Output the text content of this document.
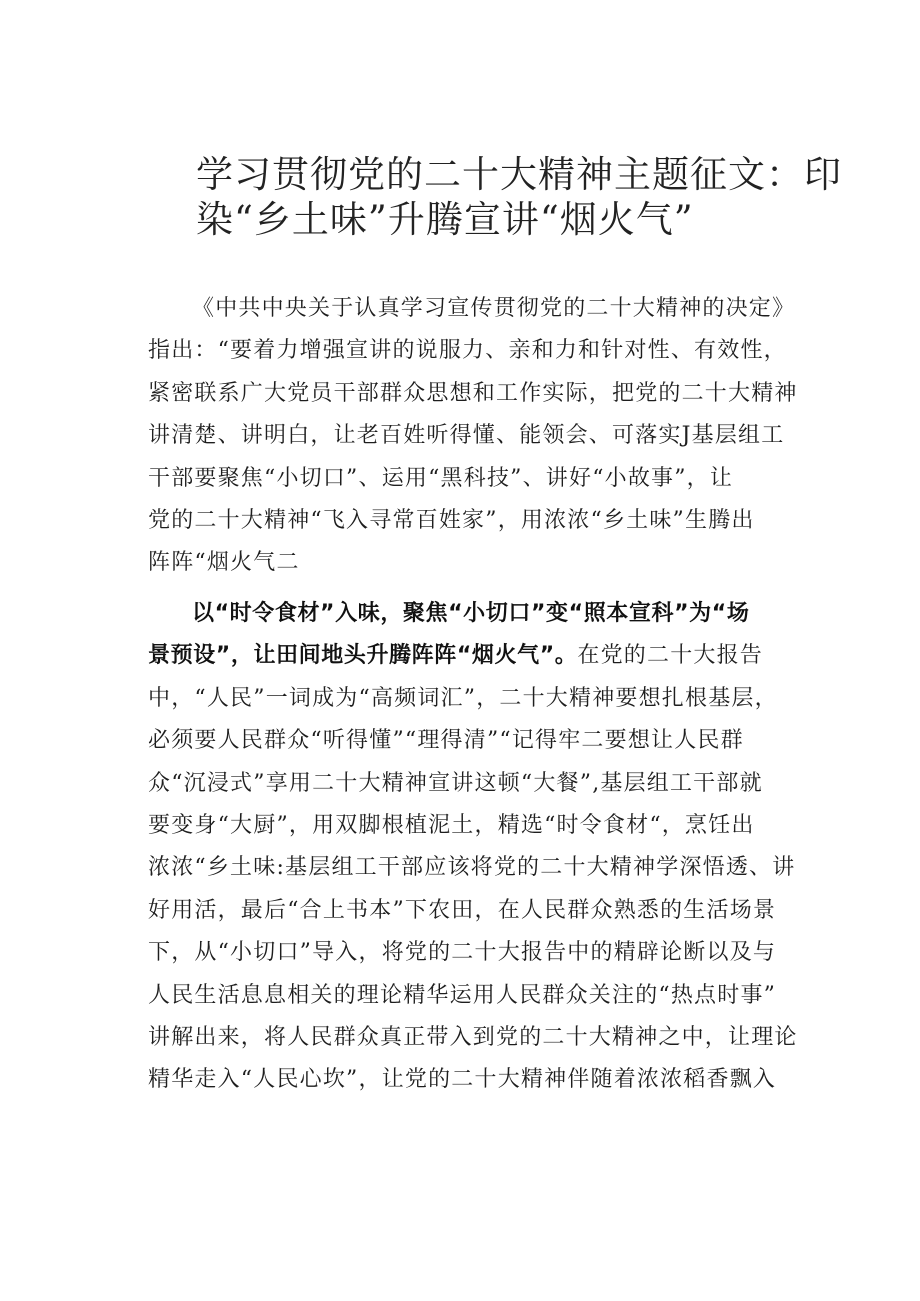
学习贯彻党的二十大精神主题征文：印
染“乡土味”升腾宣讲“烟火气”
《中共中央关于认真学习宣传贯彻党的二十大精神的决定》
指出：“要着力增强宣讲的说服力、亲和力和针对性、有效性，
紧密联系广大党员干部群众思想和工作实际，把党的二十大精神
讲清楚、讲明白，让老百姓听得懂、能领会、可落实J基层组工
干部要聚焦“小切口”、运用“黑科技”、讲好“小故事”，让
党的二十大精神“飞入寻常百姓家”，用浓浓“乡土味”生腾出
阵阵“烟火气二
以“时令食材”入味，聚焦“小切口”变“照本宣科”为“场
景预设”，让田间地头升腾阵阵“烟火气”。在党的二十大报告
中，“人民”一词成为“高频词汇”，二十大精神要想扎根基层，
必须要人民群众“听得懂”“理得清”“记得牢二要想让人民群
众“沉浸式”享用二十大精神宣讲这顿“大餐”,基层组工干部就
要变身“大厨”，用双脚根植泥土，精选“时令食材“，烹饪出
浓浓“乡土味:基层组工干部应该将党的二十大精神学深悟透、讲
好用活，最后“合上书本”下农田，在人民群众熟悉的生活场景
下，从“小切口”导入，将党的二十大报告中的精辟论断以及与
人民生活息息相关的理论精华运用人民群众关注的“热点时事”
讲解出来，将人民群众真正带入到党的二十大精神之中，让理论
精华走入“人民心坎”，让党的二十大精神伴随着浓浓稻香飘入
